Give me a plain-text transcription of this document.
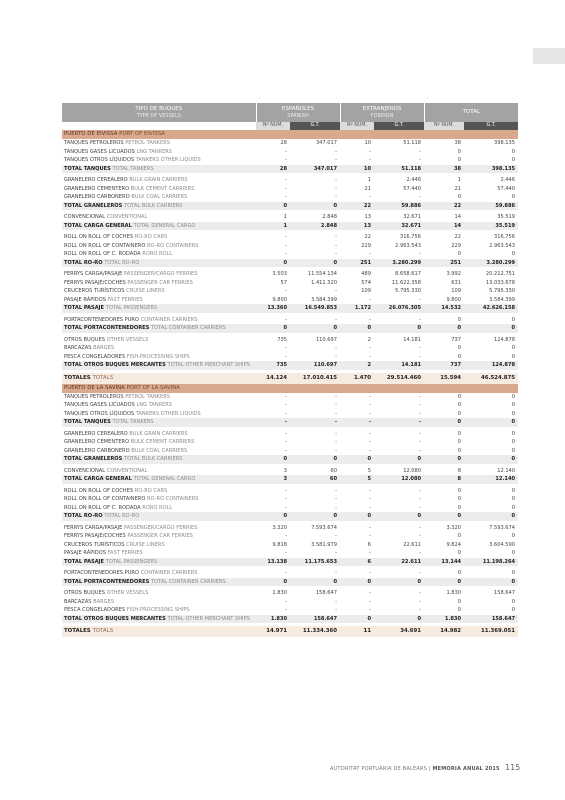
TIPO DE BUQUES
TYPE OF VESSELS	ESPAÑOLES
SPANISH		EXTRANJEROS
FOREIGN		TOTAL	
	Nº NUM.	G.T.	Nº NUM.	G.T.	Nº NUM.	G.T.
PUERTO DE EIVISSA PORT OF EIVISSA						
TANQUES PETROLEROS PETROL TANKERS	28	347.017	10	51.118	38	398.135
TANQUES GASES LICUADOS LNG TANKERS	-	-	-	-	0	0
TANQUES OTROS LÍQUIDOS TANKERS OTHER LIQUIDS	-	-	-	-	0	0
TOTAL TANQUES TOTAL TANKERS	28	347.017	10	51.118	38	398.135

GRANELERO CEREALERO BULK GRAIN CARRIERS	-	-	1	2.446	1	2.446
GRANELERO CEMENTERO BULK CEMENT CARRIERS	-	-	21	57.440	21	57.440
GRANELERO CARBONERO BULK COAL CARRIERS	-	-	-	-	0	0
TOTAL GRANELEROS TOTAL BULK CARRIERS	0	0	22	59.886	22	59.886

CONVENCIONAL CONVENTIONAL	1	2.848	13	32.671	14	35.519
TOTAL CARGA GENERAL TOTAL GENERAL CARGO	1	2.848	13	32.671	14	35.519

ROLL ON ROLL OF COCHES RO-RO CARS	-	-	22	316.756	22	316.756
ROLL ON ROLL OF CONTAINERO RO-RO CONTAINERS	-	-	229	2.963.543	229	2.963.543
ROLL ON ROLL OF C. RODADA RORO ROLL	-	-	-	-	0	0
TOTAL RO-RO TOTAL RO-RO	0	0	251	3.280.299	251	3.280.299

FERRYS CARGA/PASAJE PASSENGER/CARGO FERRIES	3.503	11.554.134	489	8.658.617	3.992	20.212.751
FERRYS PASAJE/COCHES PASSENGER CAR FERRIES	57	1.411.320	574	11.622.358	631	13.033.678
CRUCEROS TURÍSTICOS CRUISE LINERS	-	-	109	5.795.330	109	5.795.330
PASAJE RÁPIDOS FAST FERRIES	9.800	3.584.399	-	-	9.800	3.584.399
TOTAL PASAJE TOTAL PASSENGERS	13.360	16.549.853	1.172	26.076.305	14.532	42.626.158

PORTACONTENEDORES PURO CONTAINER CARRIERS	-	-	-	-	0	0
TOTAL PORTACONTENEDORES TOTAL CONTAINER CARRIERS	0	0	0	0	0	0

OTROS BUQUES OTHER VESSELS	735	110.697	2	14.181	737	124.878
BARCAZAS BARGES	-	-	-	-	0	0
PESCA CONGELADORES FISH-PROCESSING SHIPS	-	-	-	-	0	0
TOTAL OTROS BUQUES MERCANTES TOTAL OTHER MERCHANT SHIPS	735	110.697	2	14.181	737	124.878

TOTALES TOTALS	14.124	17.010.415	1.470	29.514.460	15.594	46.524.875
PUERTO DE LA SAVINA PORT OF LA SAVINA						
TANQUES PETROLEROS PETROL TANKERS	-	-	-	-	0	0
TANQUES GASES LICUADOS LNG TANKERS	-	-	-	-	0	0
TANQUES OTROS LÍQUIDOS TANKERS OTHER LIQUIDS	-	-	-	-	0	0
TOTAL TANQUES TOTAL TANKERS	-	-	-	-	0	0

GRANELERO CEREALERO BULK GRAIN CARRIERS	-	-	-	-	0	0
GRANELERO CEMENTERO BULK CEMENT CARRIERS	-	-	-	-	0	0
GRANELERO CARBONERO BULK COAL CARRIERS	-	-	-	-	0	0
TOTAL GRANELEROS TOTAL BULK CARRIERS	0	0	0	0	0	0

CONVENCIONAL CONVENTIONAL	3	60	5	12.080	8	12.140
TOTAL CARGA GENERAL TOTAL GENERAL CARGO	3	60	5	12.080	8	12.140

ROLL ON ROLL OF COCHES RO-RO CARS	-	-	-	-	0	0
ROLL ON ROLL OF CONTAINERO RO-RO CONTAINERS	-	-	-	-	0	0
ROLL ON ROLL OF C. RODADA RORO ROLL	-	-	-	-	0	0
TOTAL RO-RO TOTAL RO-RO	0	0	0	0	0	0

FERRYS CARGA/PASAJE PASSENGER/CARGO FERRIES	3.320	7.593.674	-	-	3.320	7.593.674
FERRYS PASAJE/COCHES PASSENGER CAR FERRIES	-	-	-	-	0	0
CRUCEROS TURÍSTICOS CRUISE LINERS	9.818	3.581.979	6	22.611	9.824	3.604.590
PASAJE RÁPIDOS FAST FERRIES	-	-	-	-	0	0
TOTAL PASAJE TOTAL PASSENGERS	13.138	11.175.653	6	22.611	13.144	11.198.264

PORTACONTENEDORES PURO CONTAINER CARRIERS	-	-	-	-	0	0
TOTAL PORTACONTENEDORES TOTAL CONTAINER CARRIERS	0	0	0	0	0	0

OTROS BUQUES OTHER VESSELS	1.830	158.647	-	-	1.830	158.647
BARCAZAS BARGES	-	-	-	-	0	0
PESCA CONGELADORES FISH-PROCESSING SHIPS	-	-	-	-	0	0
TOTAL OTROS BUQUES MERCANTES TOTAL OTHER MERCHANT SHIPS	1.830	158.647	0	0	1.830	158.647

TOTALES TOTALS	14.971	11.334.360	11	34.691	14.982	11.369.051
AUTORITAT PORTUÀRIA DE BALEARS | MEMORIA ANUAL 2015 115
